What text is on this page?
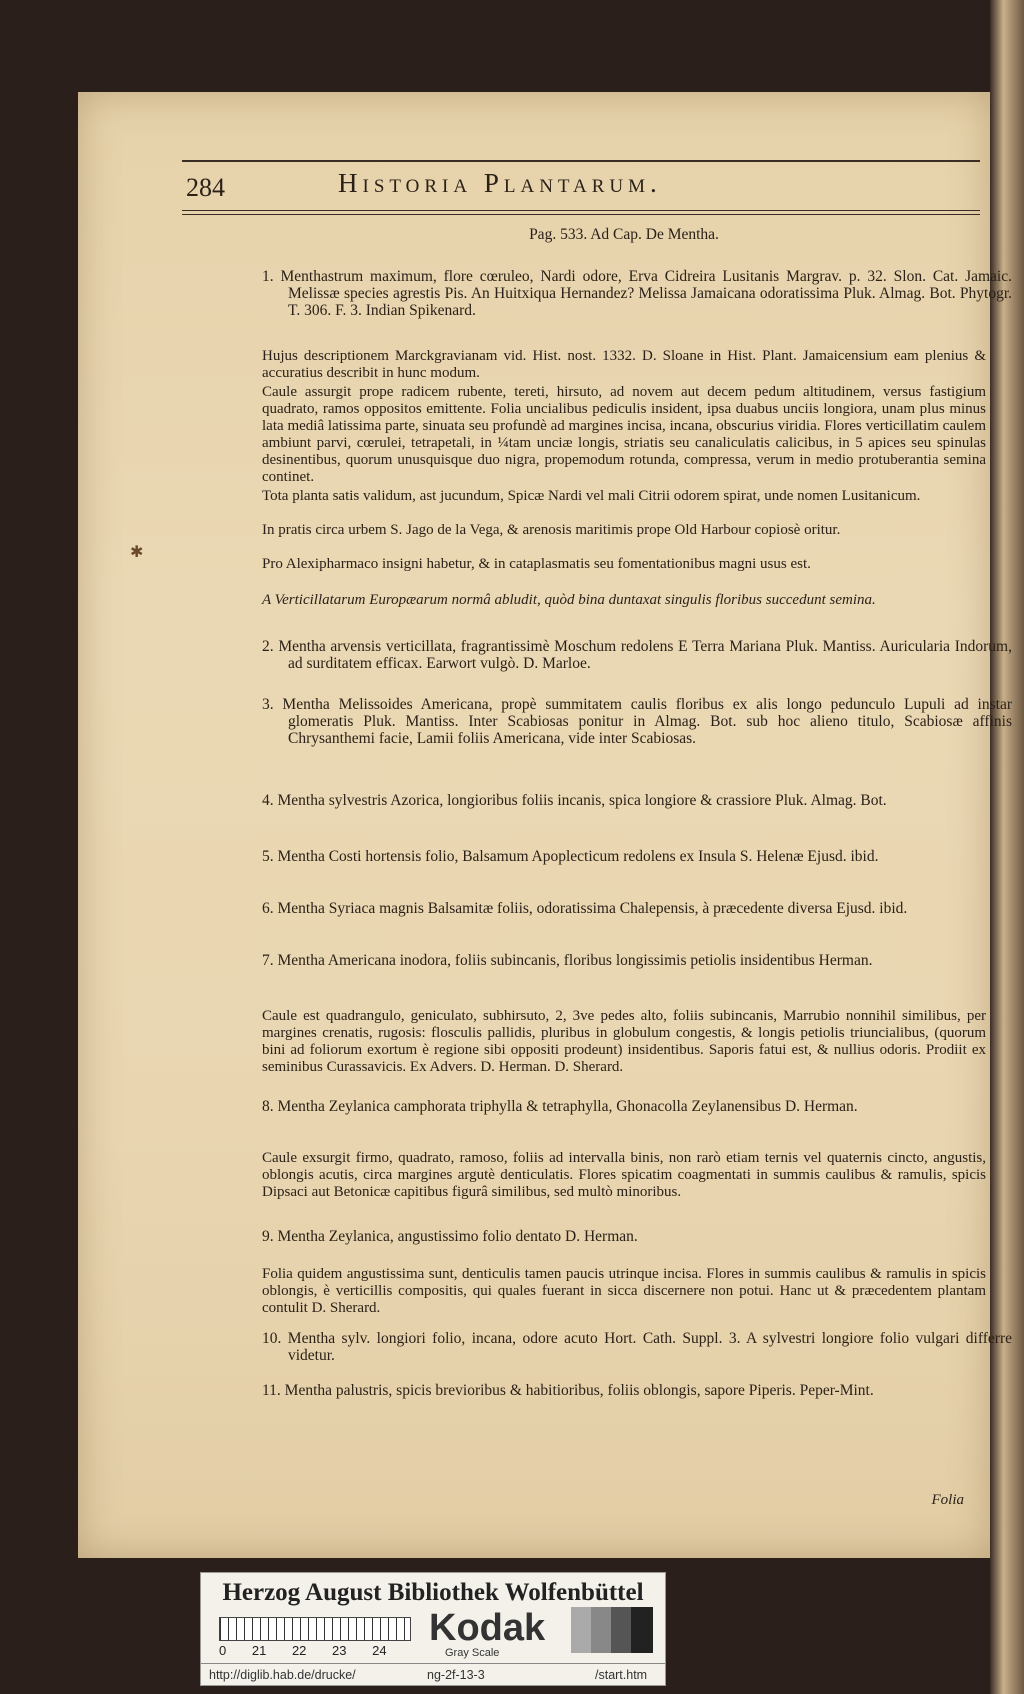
284	Historia Plantarum.
Pag. 533. Ad Cap. De Mentha.
1. Menthastrum maximum, flore cœruleo, Nardi odore, Erva Cidreira Lusitanis Margrav. p. 32. Slon. Cat. Jamaic. Melissæ species agrestis Pis. An Huitxiqua Hernandez? Melissa Jamaicana odoratissima Pluk. Almag. Bot. Phytogr. T. 306. F. 3. Indian Spikenard.
Hujus descriptionem Marckgravianam vid. Hist. nost. 1332. D. Sloane in Hist. Plant. Jamaicensium eam plenius & accuratius describit in hunc modum.
Caule assurgit prope radicem rubente, tereti, hirsuto, ad novem aut decem pedum altitudinem, versus fastigium quadrato, ramos oppositos emittente. Folia uncialibus pediculis insident, ipsa duabus unciis longiora, unam plus minus lata mediâ latissima parte, sinuata seu profundè ad margines incisa, incana, obscurius viridia. Flores verticillatim caulem ambiunt parvi, cœrulei, tetrapetali, in ¼tam unciæ longis, striatis seu canaliculatis calicibus, in 5 apices seu spinulas desinentibus, quorum unusquisque duo nigra, propemodum rotunda, compressa, verum in medio protuberantia semina continet.
Tota planta satis validum, ast jucundum, Spicæ Nardi vel mali Citrii odorem spirat, unde nomen Lusitanicum.
In pratis circa urbem S. Jago de la Vega, & arenosis maritimis prope Old Harbour copiosè oritur.
Pro Alexipharmaco insigni habetur, & in cataplasmatis seu fomentationibus magni usus est.
A Verticillatarum Europæarum normâ abludit, quòd bina duntaxat singulis floribus succedunt semina.
2. Mentha arvensis verticillata, fragrantissimè Moschum redolens E Terra Mariana Pluk. Mantiss. Auricularia Indorum, ad surditatem efficax. Earwort vulgò. D. Marloe.
3. Mentha Melissoides Americana, propè summitatem caulis floribus ex alis longo pedunculo Lupuli ad instar glomeratis Pluk. Mantiss. Inter Scabiosas ponitur in Almag. Bot. sub hoc alieno titulo, Scabiosæ affinis Chrysanthemi facie, Lamii foliis Americana, vide inter Scabiosas.
4. Mentha sylvestris Azorica, longioribus foliis incanis, spica longiore & crassiore Pluk. Almag. Bot.
5. Mentha Costi hortensis folio, Balsamum Apoplecticum redolens ex Insula S. Helenæ Ejusd. ibid.
6. Mentha Syriaca magnis Balsamitæ foliis, odoratissima Chalepensis, à præcedente diversa Ejusd. ibid.
7. Mentha Americana inodora, foliis subincanis, floribus longissimis petiolis insidentibus Herman.
Caule est quadrangulo, geniculato, subhirsuto, 2, 3ve pedes alto, foliis subincanis, Marrubio nonnihil similibus, per margines crenatis, rugosis: flosculis pallidis, pluribus in globulum congestis, & longis petiolis triuncialibus, (quorum bini ad foliorum exortum è regione sibi oppositi prodeunt) insidentibus. Saporis fatui est, & nullius odoris. Prodiit ex seminibus Curassavicis. Ex Advers. D. Herman. D. Sherard.
8. Mentha Zeylanica camphorata triphylla & tetraphylla, Ghonacolla Zeylanensibus D. Herman.
Caule exsurgit firmo, quadrato, ramoso, foliis ad intervalla binis, non rarò etiam ternis vel quaternis cincto, angustis, oblongis acutis, circa margines argutè denticulatis. Flores spicatim coagmentati in summis caulibus & ramulis, spicis Dipsaci aut Betonicæ capitibus figurâ similibus, sed multò minoribus.
9. Mentha Zeylanica, angustissimo folio dentato D. Herman.
Folia quidem angustissima sunt, denticulis tamen paucis utrinque incisa. Flores in summis caulibus & ramulis in spicis oblongis, è verticillis compositis, qui quales fuerant in sicca discernere non potui. Hanc ut & præcedentem plantam contulit D. Sherard.
10. Mentha sylv. longiori folio, incana, odore acuto Hort. Cath. Suppl. 3. A sylvestri longiore folio vulgari differre videtur.
11. Mentha palustris, spicis brevioribus & habitioribus, foliis oblongis, sapore Piperis. Peper-Mint.
Folia
✱
Herzog August Bibliothek Wolfenbüttel
0 21 22 23 24
Kodak
Gray Scale
http://diglib.hab.de/drucke/	ng-2f-13-3	/start.htm
